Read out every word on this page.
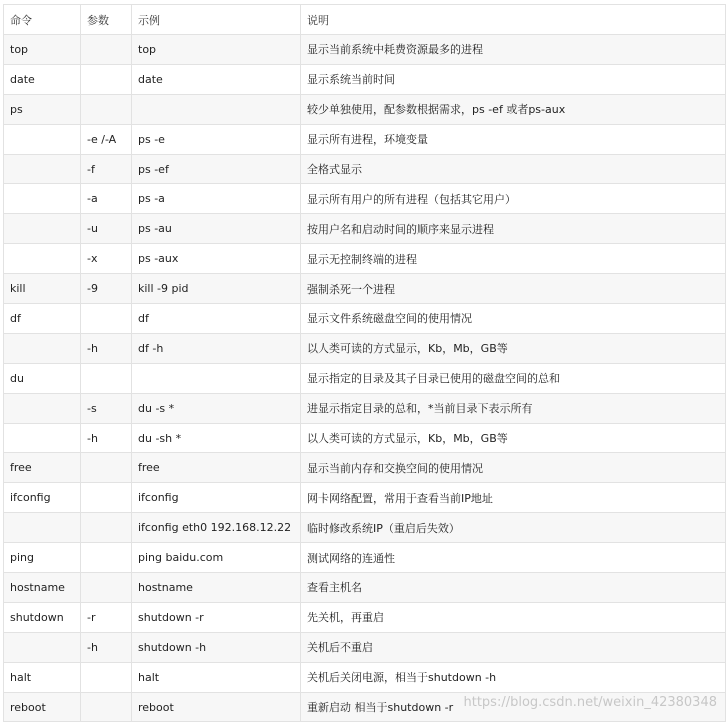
命令	参数	示例	说明
top		top	显示当前系统中耗费资源最多的进程
date		date	显示系统当前时间
ps			较少单独使用，配参数根据需求，ps -ef 或者ps-aux
	-e /-A	ps -e	显示所有进程，环境变量
	-f	ps -ef	全格式显示
	-a	ps -a	显示所有用户的所有进程（包括其它用户）
	-u	ps -au	按用户名和启动时间的顺序来显示进程
	-x	ps -aux	显示无控制终端的进程
kill	-9	kill -9 pid	强制杀死一个进程
df		df	显示文件系统磁盘空间的使用情况
	-h	df -h	以人类可读的方式显示，Kb，Mb，GB等
du			显示指定的目录及其子目录已使用的磁盘空间的总和
	-s	du -s *	进显示指定目录的总和，*当前目录下表示所有
	-h	du -sh *	以人类可读的方式显示，Kb，Mb，GB等
free		free	显示当前内存和交换空间的使用情况
ifconfig		ifconfig	网卡网络配置，常用于查看当前IP地址
		ifconfig eth0 192.168.12.22	临时修改系统IP（重启后失效）
ping		ping baidu.com	测试网络的连通性
hostname		hostname	查看主机名
shutdown	-r	shutdown -r	先关机，再重启
	-h	shutdown -h	关机后不重启
halt		halt	关机后关闭电源，相当于shutdown -h
reboot		reboot	重新启动 相当于shutdown -r https://blog.csdn.net/weixin_42380348
